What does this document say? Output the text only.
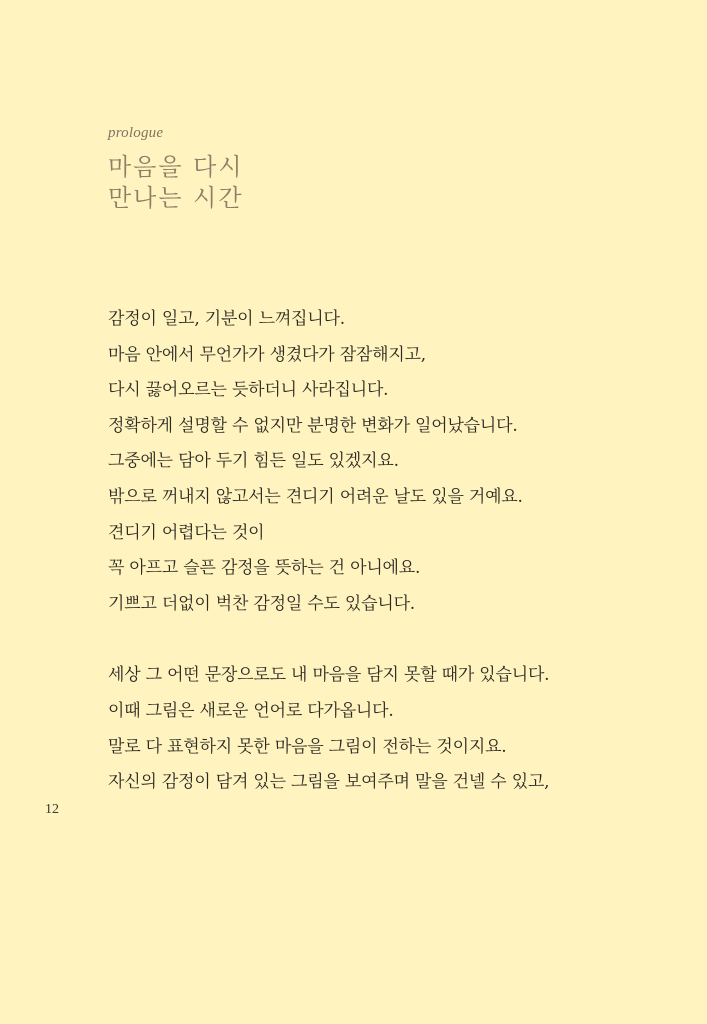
prologue
마음을 다시
만나는 시간

감정이 일고, 기분이 느껴집니다.
마음 안에서 무언가가 생겼다가 잠잠해지고,
다시 끓어오르는 듯하더니 사라집니다.
정확하게 설명할 수 없지만 분명한 변화가 일어났습니다.
그중에는 담아 두기 힘든 일도 있겠지요.
밖으로 꺼내지 않고서는 견디기 어려운 날도 있을 거예요.
견디기 어렵다는 것이
꼭 아프고 슬픈 감정을 뜻하는 건 아니에요.
기쁘고 더없이 벅찬 감정일 수도 있습니다.

세상 그 어떤 문장으로도 내 마음을 담지 못할 때가 있습니다.
이때 그림은 새로운 언어로 다가옵니다.
말로 다 표현하지 못한 마음을 그림이 전하는 것이지요.
자신의 감정이 담겨 있는 그림을 보여주며 말을 건넬 수 있고,

12
